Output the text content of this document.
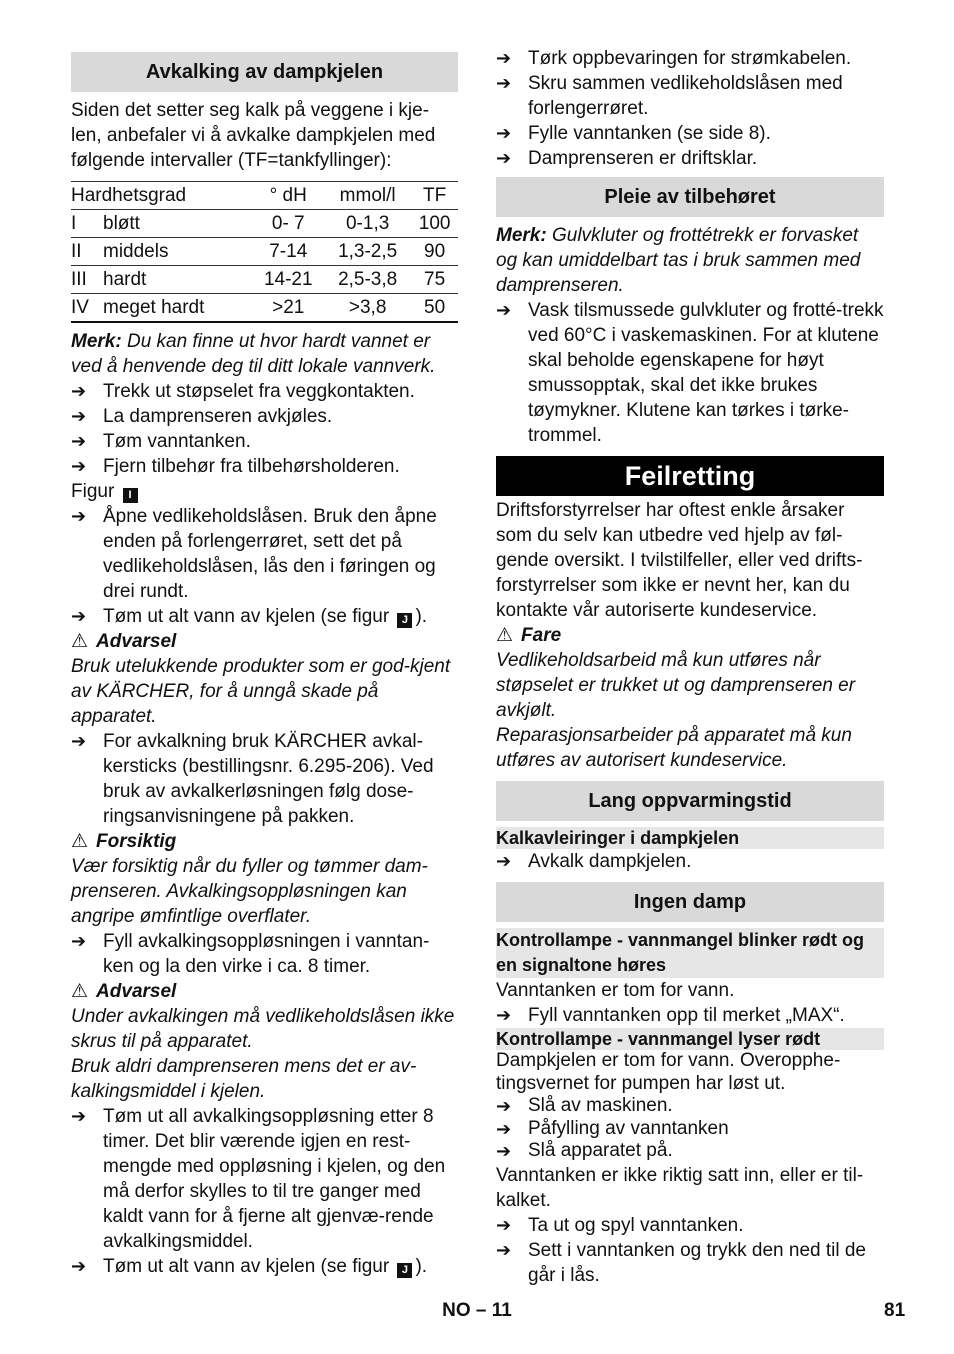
Avkalking av dampkjelen

Siden det setter seg kalk på veggene i kje-len, anbefaler vi å avkalke dampkjelen med følgende intervaller (TF=tankfyllinger):

Hardhetsgrad		° dH	mmol/l	TF
I	bløtt	0- 7	0-1,3	100
II	middels	7-14	1,3-2,5	90
III	hardt	14-21	2,5-3,8	75
IV	meget hardt	>21	>3,8	50

Merk: Du kan finne ut hvor hardt vannet er ved å henvende deg til ditt lokale vannverk.

➔ Trekk ut støpselet fra veggkontakten.
➔ La damprenseren avkjøles.
➔ Tøm vanntanken.
➔ Fjern tilbehør fra tilbehørsholderen.

Figur I

➔ Åpne vedlikeholdslåsen. Bruk den åpne enden på forlengerrøret, sett det på vedlikeholdslåsen, lås den i føringen og drei rundt.
➔ Tøm ut alt vann av kjelen (se figur J ).

⚠ Advarsel

Bruk utelukkende produkter som er god-kjent av KÄRCHER, for å unngå skade på apparatet.

➔ For avkalkning bruk KÄRCHER avkal-kersticks (bestillingsnr. 6.295-206). Ved bruk av avkalkerløsningen følg dose-ringsanvisningene på pakken.

⚠ Forsiktig

Vær forsiktig når du fyller og tømmer dam-prenseren. Avkalkingsoppløsningen kan angripe ømfintlige overflater.

➔ Fyll avkalkingsoppløsningen i vanntan-ken og la den virke i ca. 8 timer.

⚠ Advarsel

Under avkalkingen må vedlikeholdslåsen ikke skrus til på apparatet.

Bruk aldri damprenseren mens det er av-kalkingsmiddel i kjelen.

➔ Tøm ut all avkalkingsoppløsning etter 8 timer. Det blir værende igjen en rest-mengde med oppløsning i kjelen, og den må derfor skylles to til tre ganger med kaldt vann for å fjerne alt gjenvæ-rende avkalkingsmiddel.
➔ Tøm ut alt vann av kjelen (se figur J ).
➔ Tørk oppbevaringen for strømkabelen.
➔ Skru sammen vedlikeholdslåsen med forlengerrøret.
➔ Fylle vanntanken (se side 8).
➔ Damprenseren er driftsklar.
Pleie av tilbehøret

Merk: Gulvkluter og frottétrekk er forvasket og kan umiddelbart tas i bruk sammen med damprenseren.

➔ Vask tilsmussede gulvkluter og frotté-trekk ved 60°C i vaskemaskinen. For at klutene skal beholde egenskapene for høyt smussopptak, skal det ikke brukes tøymykner. Klutene kan tørkes i tørke-trommel.
Feilretting

Driftsforstyrrelser har oftest enkle årsaker som du selv kan utbedre ved hjelp av føl-gende oversikt. I tvilstilfeller, eller ved drifts-forstyrrelser som ikke er nevnt her, kan du kontakte vår autoriserte kundeservice.

⚠ Fare

Vedlikeholdsarbeid må kun utføres når støpselet er trukket ut og damprenseren er avkjølt.

Reparasjonsarbeider på apparatet må kun utføres av autorisert kundeservice.

Lang oppvarmingstid

Kalkavleiringer i dampkjelen

➔ Avkalk dampkjelen.
Ingen damp

Kontrollampe - vannmangel blinker rødt og en signaltone høres

Vanntanken er tom for vann.

➔ Fyll vanntanken opp til merket „MAX“.

Kontrollampe - vannmangel lyser rødt

Dampkjelen er tom for vann. Overopphe-tingsvernet for pumpen har løst ut.

➔ Slå av maskinen.
➔ Påfylling av vanntanken
➔ Slå apparatet på.

Vanntanken er ikke riktig satt inn, eller er til-kalket.

➔ Ta ut og spyl vanntanken.
➔ Sett i vanntanken og trykk den ned til de går i lås.
NO – 11	81
